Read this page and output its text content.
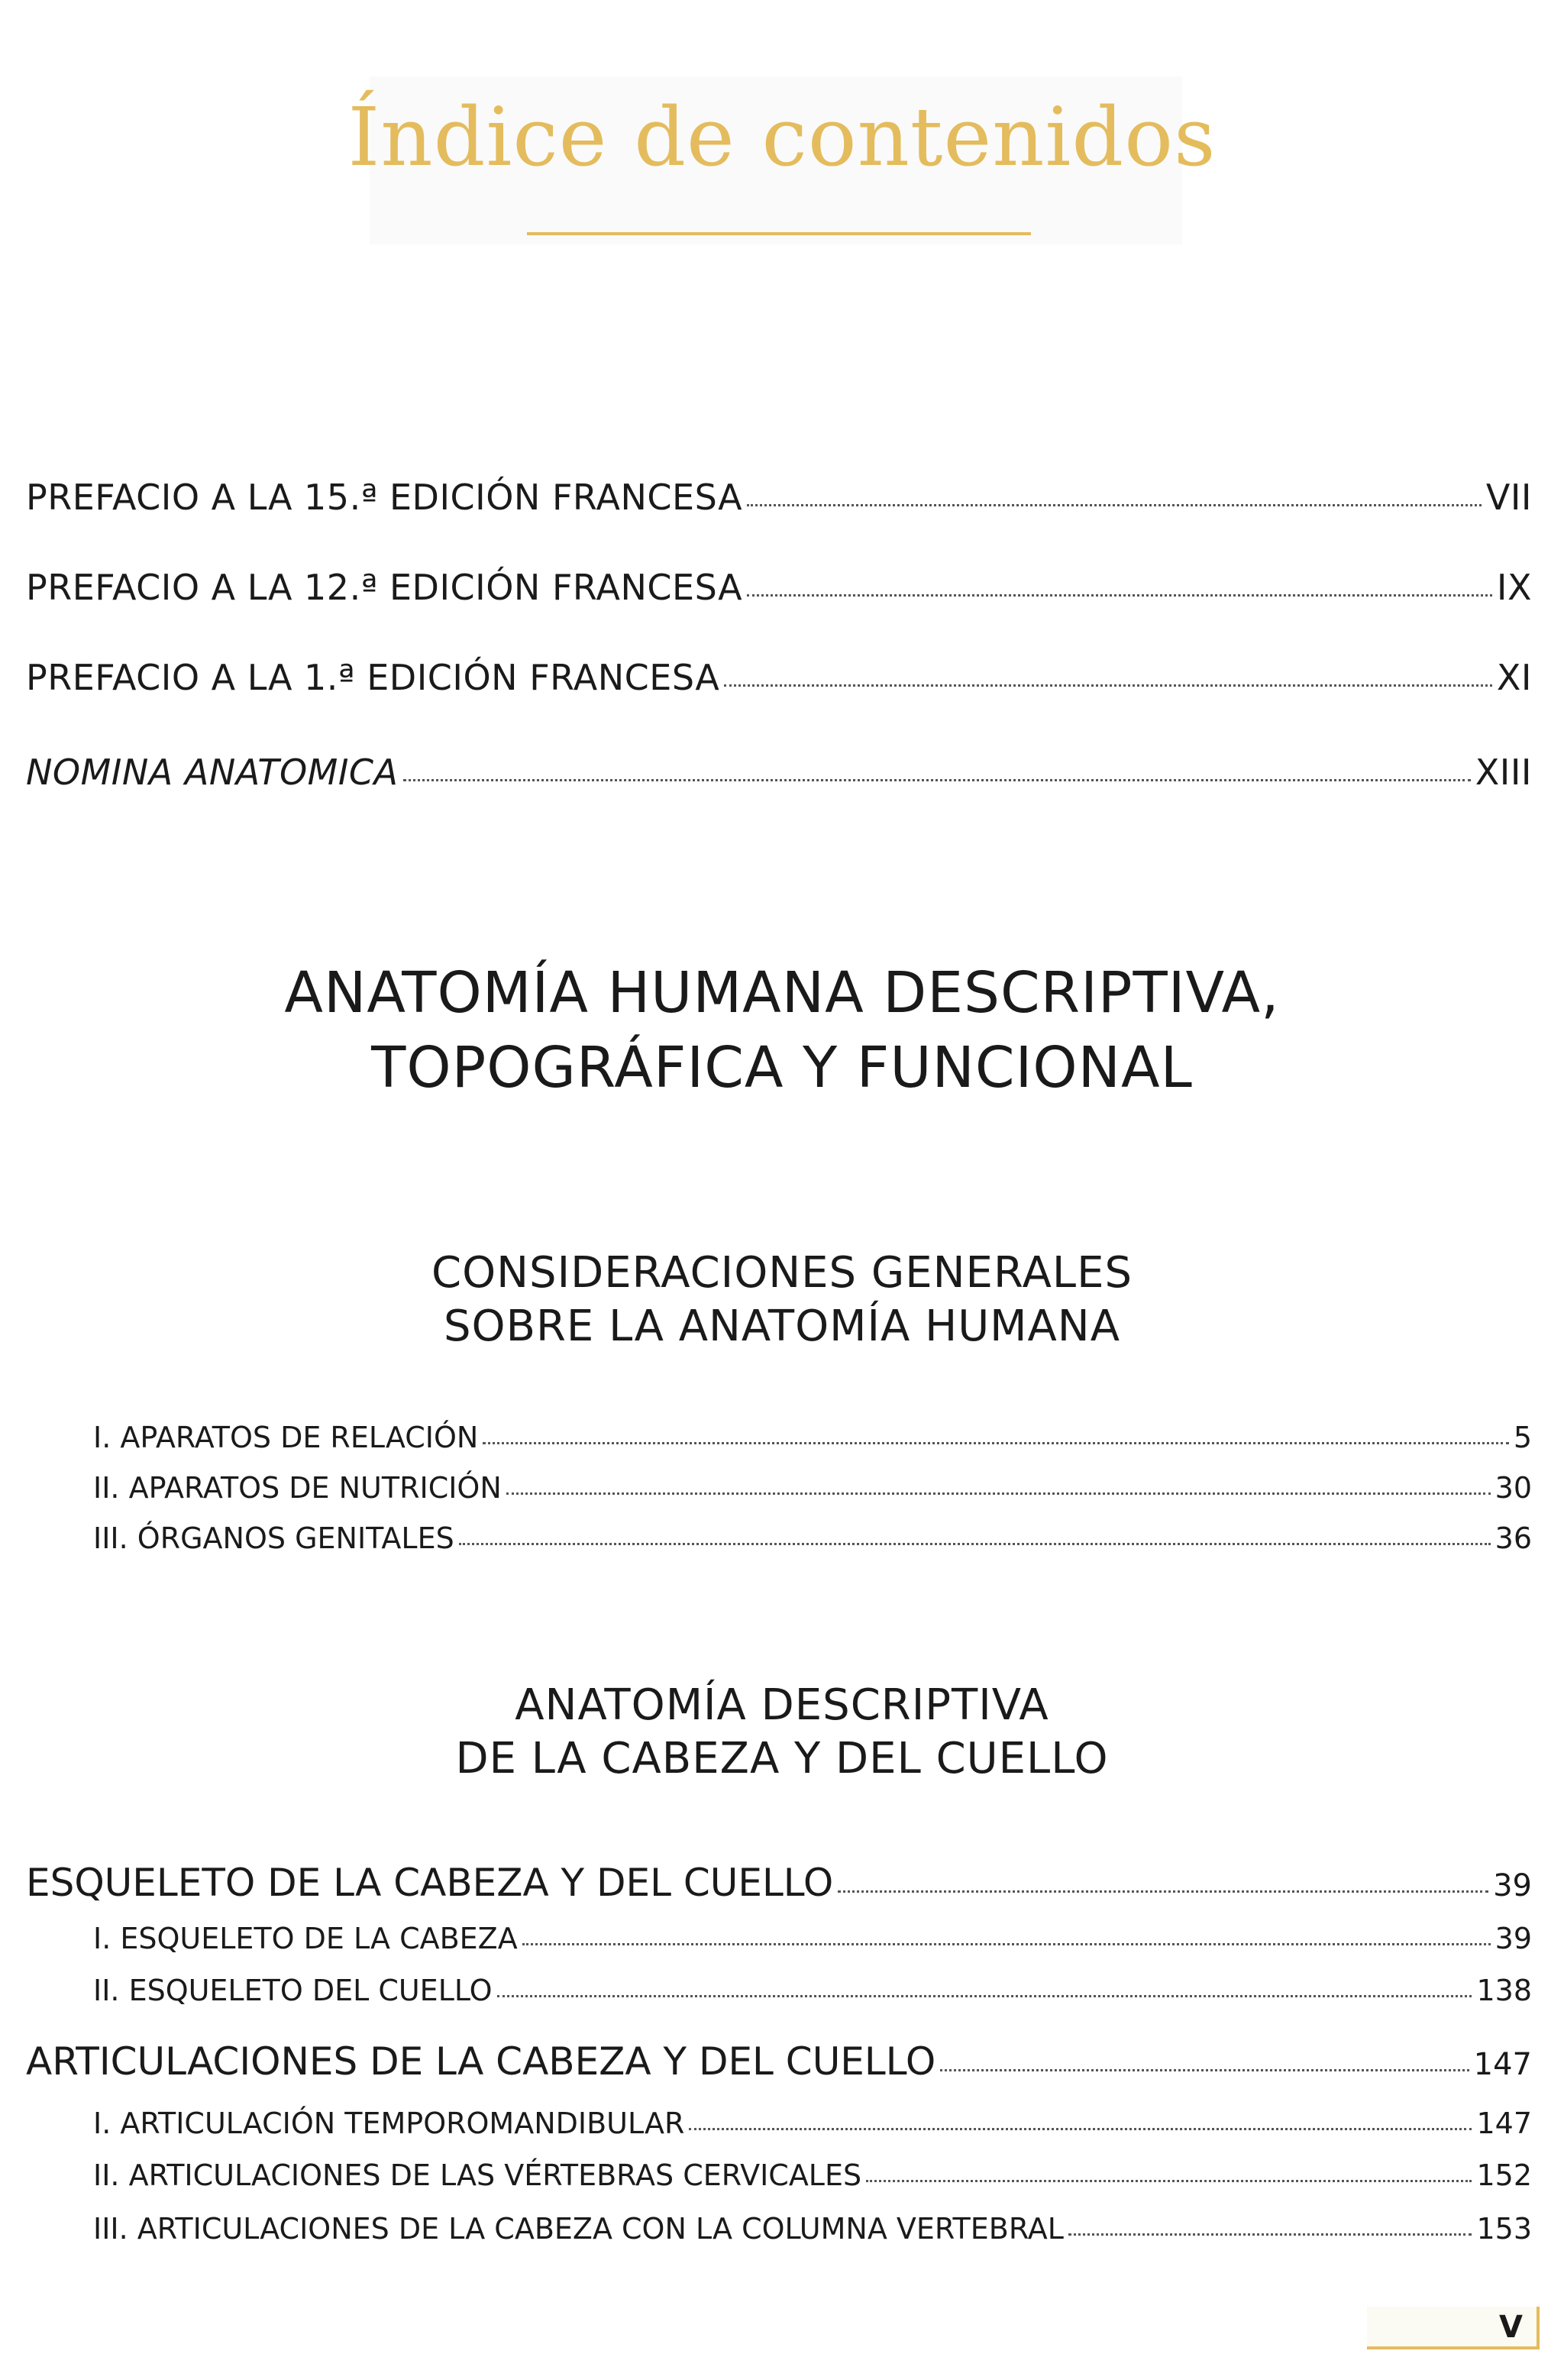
Índice de contenidos
PREFACIO A LA 15.ª EDICIÓN FRANCESA	VII
PREFACIO A LA 12.ª EDICIÓN FRANCESA	IX
PREFACIO A LA 1.ª EDICIÓN FRANCESA	XI
NOMINA ANATOMICA	XIII
ANATOMÍA HUMANA DESCRIPTIVA,
TOPOGRÁFICA Y FUNCIONAL
CONSIDERACIONES GENERALES
SOBRE LA ANATOMÍA HUMANA
I. APARATOS DE RELACIÓN	5
II. APARATOS DE NUTRICIÓN	30
III. ÓRGANOS GENITALES	36
ANATOMÍA DESCRIPTIVA
DE LA CABEZA Y DEL CUELLO
ESQUELETO DE LA CABEZA Y DEL CUELLO	39
I. ESQUELETO DE LA CABEZA	39
II. ESQUELETO DEL CUELLO	138
ARTICULACIONES DE LA CABEZA Y DEL CUELLO	147
I. ARTICULACIÓN TEMPOROMANDIBULAR	147
II. ARTICULACIONES DE LAS VÉRTEBRAS CERVICALES	152
III. ARTICULACIONES DE LA CABEZA CON LA COLUMNA VERTEBRAL	153
V
